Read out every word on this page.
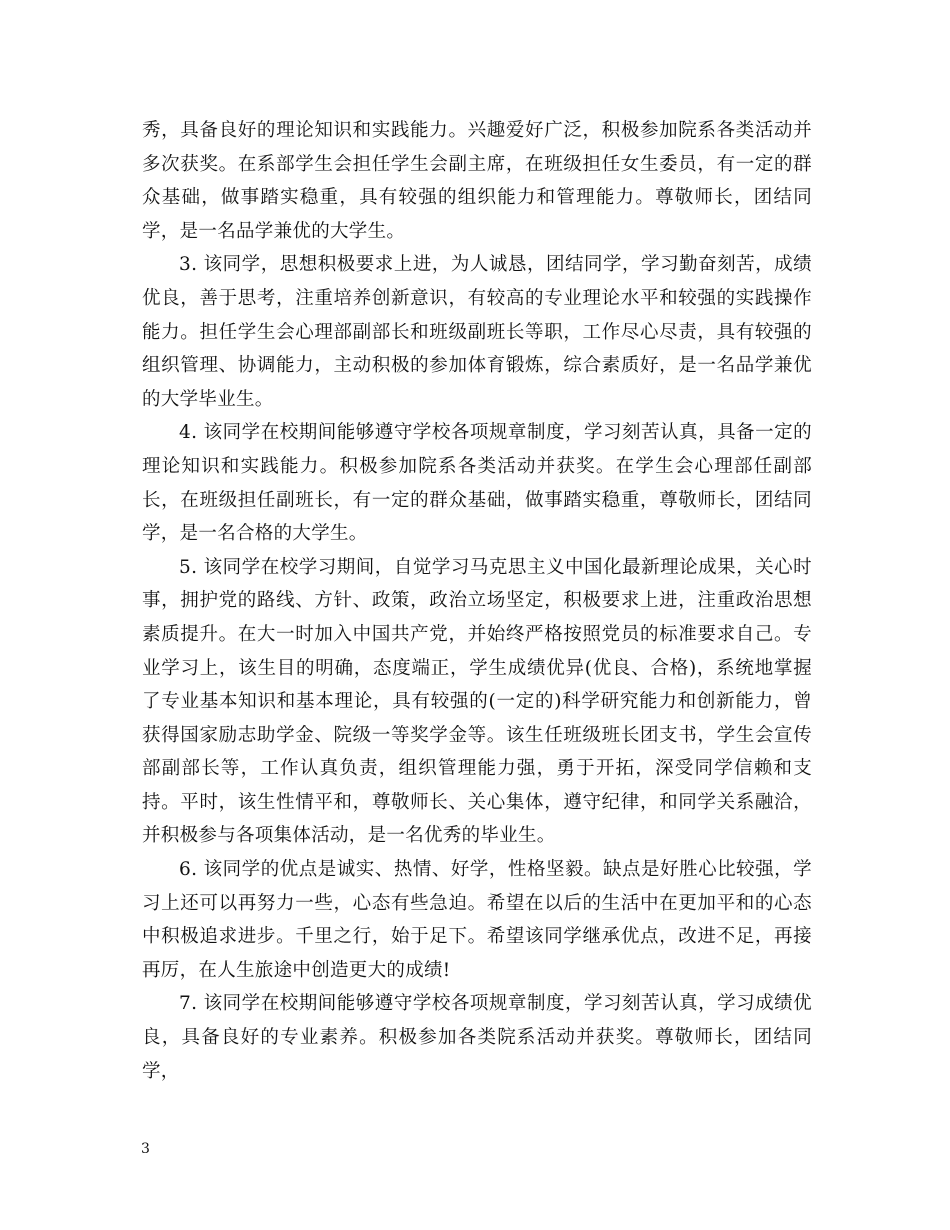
秀，具备良好的理论知识和实践能力。兴趣爱好广泛，积极参加院系各类活动并多次获奖。在系部学生会担任学生会副主席，在班级担任女生委员，有一定的群众基础，做事踏实稳重，具有较强的组织能力和管理能力。尊敬师长，团结同学，是一名品学兼优的大学生。

3. 该同学，思想积极要求上进，为人诚恳，团结同学，学习勤奋刻苦，成绩优良，善于思考，注重培养创新意识，有较高的专业理论水平和较强的实践操作能力。担任学生会心理部副部长和班级副班长等职，工作尽心尽责，具有较强的组织管理、协调能力，主动积极的参加体育锻炼，综合素质好，是一名品学兼优的大学毕业生。

4. 该同学在校期间能够遵守学校各项规章制度，学习刻苦认真，具备一定的理论知识和实践能力。积极参加院系各类活动并获奖。在学生会心理部任副部长，在班级担任副班长，有一定的群众基础，做事踏实稳重，尊敬师长，团结同学，是一名合格的大学生。

5. 该同学在校学习期间，自觉学习马克思主义中国化最新理论成果，关心时事，拥护党的路线、方针、政策，政治立场坚定，积极要求上进，注重政治思想素质提升。在大一时加入中国共产党，并始终严格按照党员的标准要求自己。专业学习上，该生目的明确，态度端正，学生成绩优异(优良、合格)，系统地掌握了专业基本知识和基本理论，具有较强的(一定的)科学研究能力和创新能力，曾获得国家励志助学金、院级一等奖学金等。该生任班级班长团支书，学生会宣传部副部长等，工作认真负责，组织管理能力强，勇于开拓，深受同学信赖和支持。平时，该生性情平和，尊敬师长、关心集体，遵守纪律，和同学关系融洽，并积极参与各项集体活动，是一名优秀的毕业生。

6. 该同学的优点是诚实、热情、好学，性格坚毅。缺点是好胜心比较强，学习上还可以再努力一些，心态有些急迫。希望在以后的生活中在更加平和的心态中积极追求进步。千里之行，始于足下。希望该同学继承优点，改进不足，再接再厉，在人生旅途中创造更大的成绩!

7. 该同学在校期间能够遵守学校各项规章制度，学习刻苦认真，学习成绩优良，具备良好的专业素养。积极参加各类院系活动并获奖。尊敬师长，团结同学，

3
